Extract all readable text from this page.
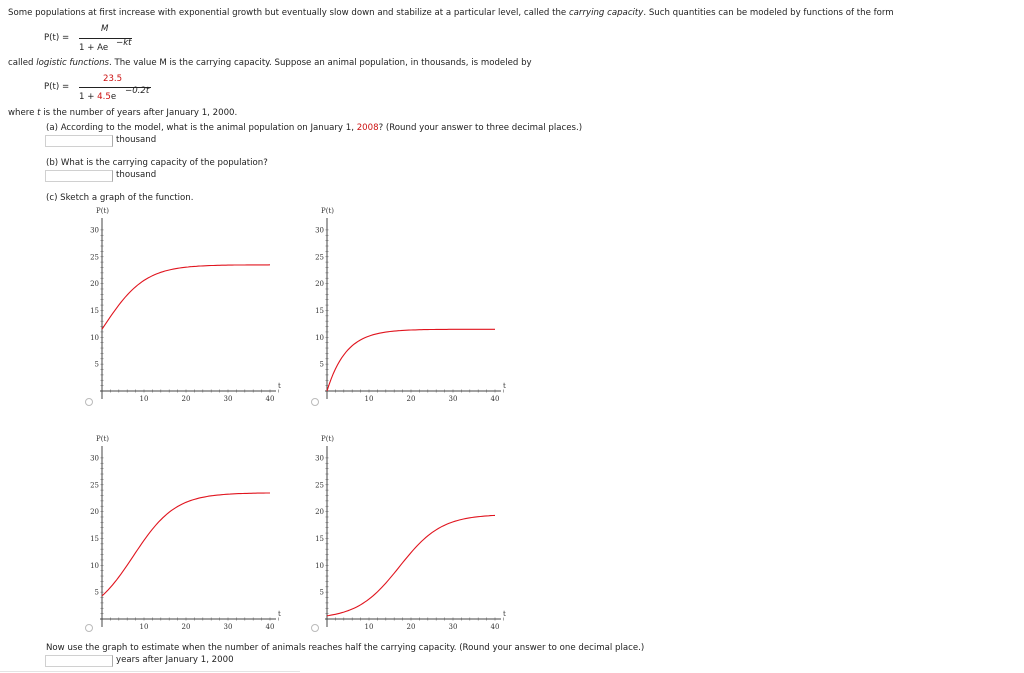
Some populations at first increase with exponential growth but eventually slow down and stabilize at a particular level, called the carrying capacity. Such quantities can be modeled by functions of the form
P(t) =
M
1 + Ae −kt
called logistic functions. The value M is the carrying capacity. Suppose an animal population, in thousands, is modeled by
P(t) =
23.5
1 + 4.5e
−0.2t
where t is the number of years after January 1, 2000.
(a) According to the model, what is the animal population on January 1, 2008? (Round your answer to three decimal places.)
thousand
(b) What is the carrying capacity of the population?
thousand
(c) Sketch a graph of the function.
P(t)
t
5
10
15
20
25
30
10	20	30	40
P(t)
t
5
10
15
20
25
30
10	20	30	40
P(t)
t
5
10
15
20
25
30
10	20	30	40
P(t)
t
5
10
15
20
25
30
10	20	30	40
Now use the graph to estimate when the number of animals reaches half the carrying capacity. (Round your answer to one decimal place.)
years after January 1, 2000
